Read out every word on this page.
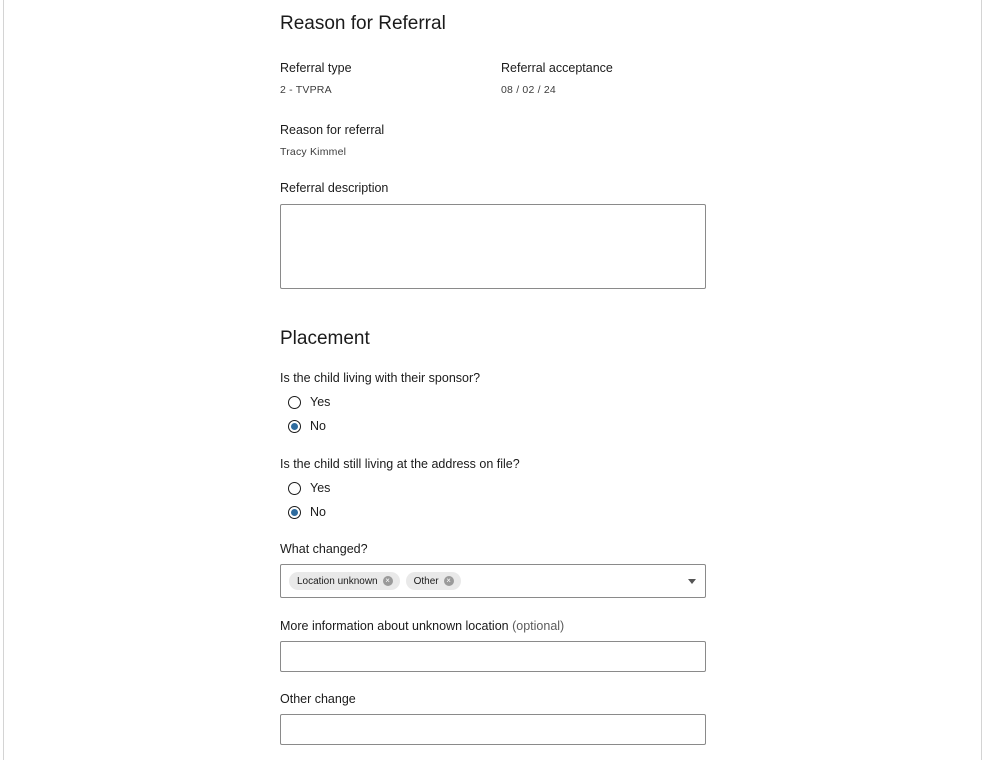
Reason for Referral
Referral type
2 - TVPRA
Referral acceptance
08 / 02 / 24
Reason for referral
Tracy Kimmel
Referral description
Placement
Is the child living with their sponsor?
Yes
No
Is the child still living at the address on file?
Yes
No
What changed?
Location unknown × Other ×
More information about unknown location (optional)
Other change
